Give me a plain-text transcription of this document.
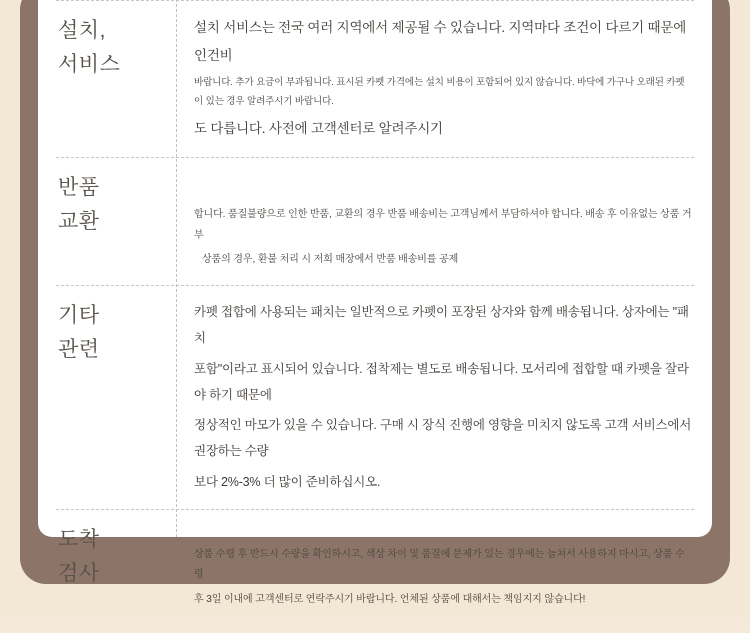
설치,
서비스

설치 서비스는 전국 여러 지역에서 제공될 수 있습니다. 지역마다 조건이 다르기 때문에 인건비

바랍니다. 추가 요금이 부과됩니다. 표시된 카펫 가격에는 설치 비용이 포함되어 있지 않습니다. 바닥에 가구나 오래된 카펫이 있는 경우 알려주시기 바랍니다.

도 다릅니다. 사전에 고객센터로 알려주시기

반품
교환	합니다. 품질불량으로 인한 반품, 교환의 경우 반품 배송비는 고객님께서 부담하셔야 합니다. 배송 후 이유없는 상품 거부

상품의 경우, 환불 처리 시 저희 매장에서 반품 배송비를 공제

기타
관련

카펫 접합에 사용되는 패치는 일반적으로 카펫이 포장된 상자와 함께 배송됩니다. 상자에는 "패치

포함"이라고 표시되어 있습니다. 접착제는 별도로 배송됩니다. 모서리에 접합할 때 카펫을 잘라야 하기 때문에

정상적인 마모가 있을 수 있습니다. 구매 시 장식 진행에 영향을 미치지 않도록 고객 서비스에서 권장하는 수량

보다 2%-3% 더 많이 준비하십시오.

도착
검사

상품 수령 후 반드시 수량을 확인하시고, 색상 차이 및 품질에 문제가 있는 경우에는 늘쳐서 사용하지 마시고, 상품 수령

후 3일 이내에 고객센터로 연락주시기 바랍니다. 언체된 상품에 대해서는 책임지지 않습니다!
